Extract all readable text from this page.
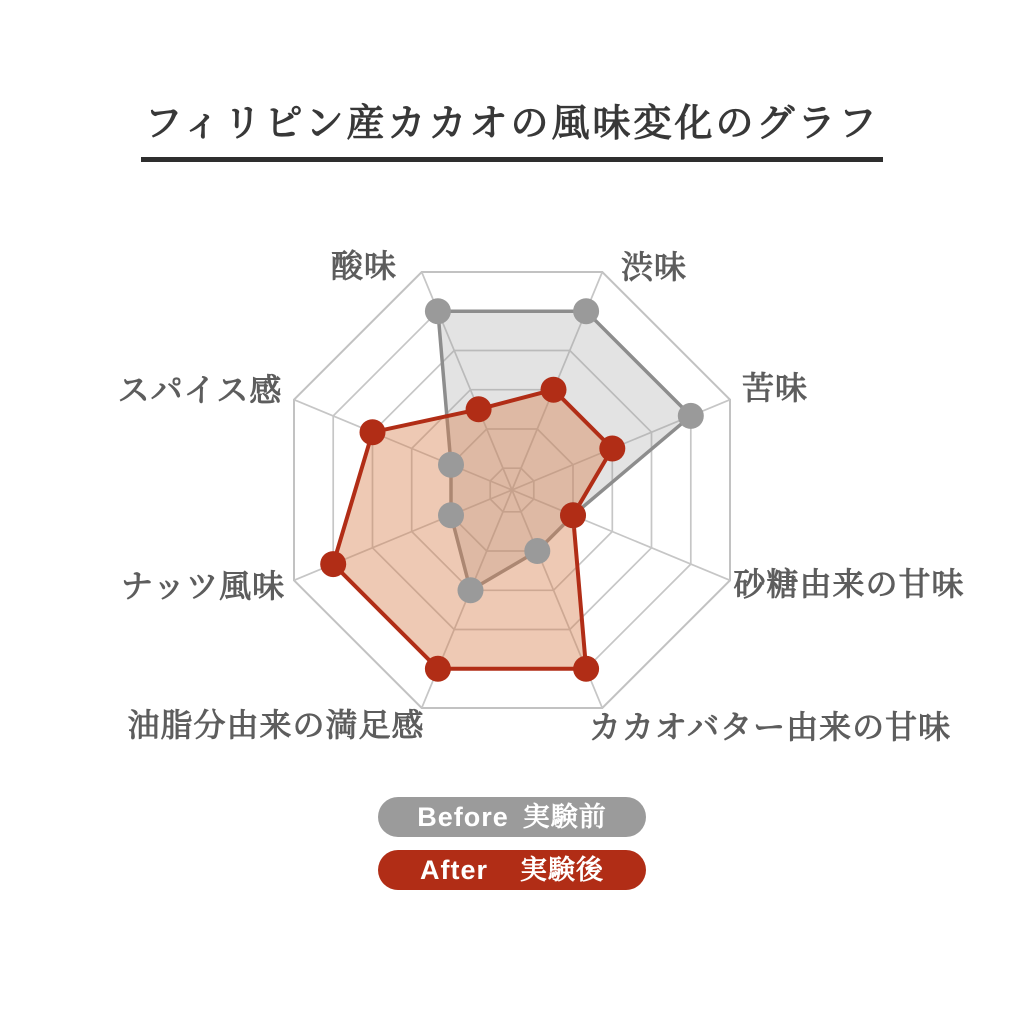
フィリピン産カカオの風味変化のグラフ
酸味	渋味
苦味
砂糖由来の甘味
カカオバター由来の甘味
油脂分由来の満足感
ナッツ風味
スパイス感
Before 実験前
After 実験後
